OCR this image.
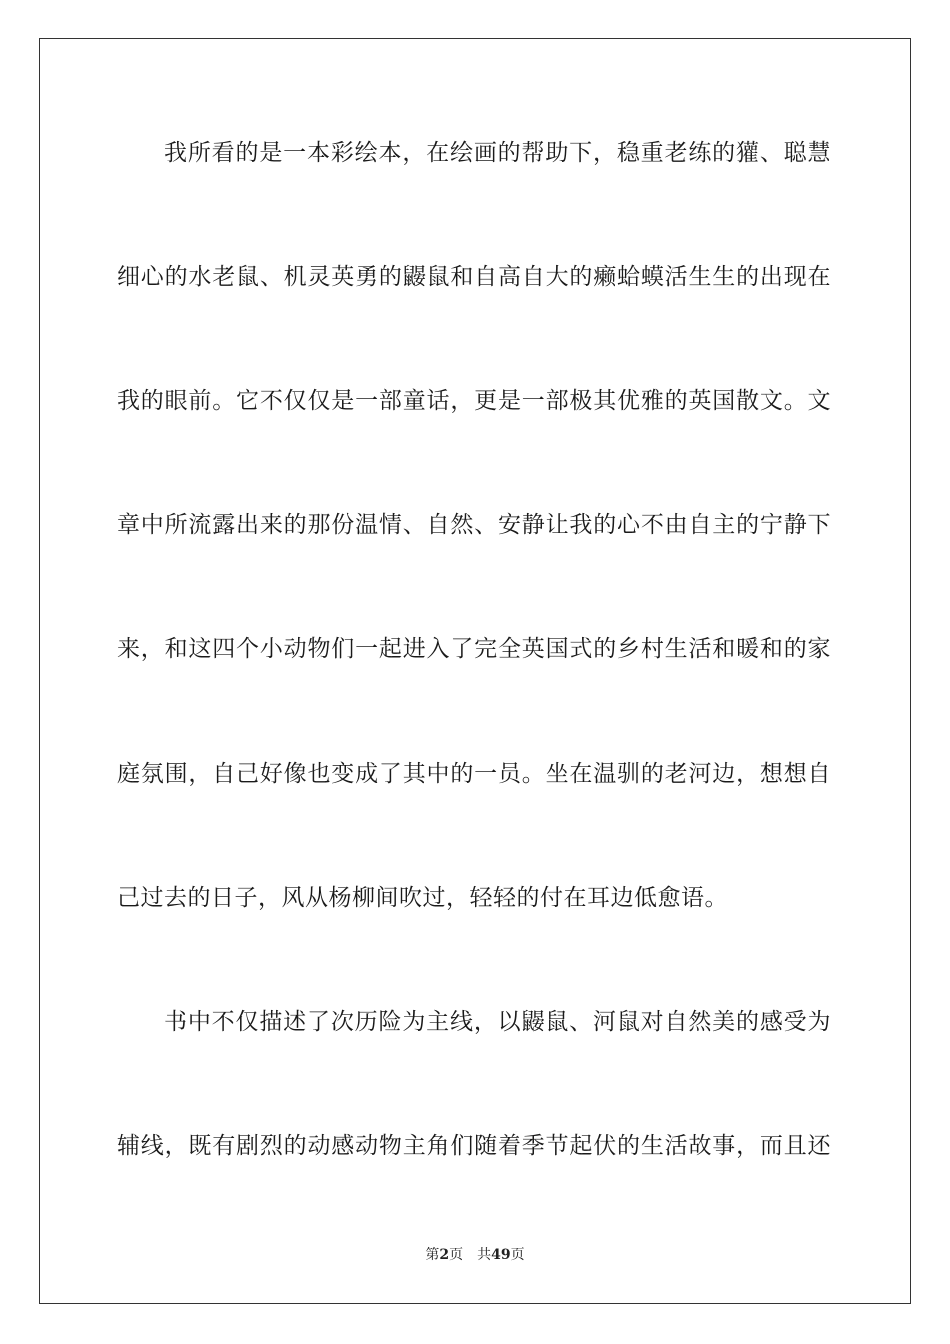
我所看的是一本彩绘本，在绘画的帮助下，稳重老练的獾、聪慧
细心的水老鼠、机灵英勇的鼹鼠和自高自大的癞蛤蟆活生生的出现在
我的眼前。它不仅仅是一部童话，更是一部极其优雅的英国散文。文
章中所流露出来的那份温情、自然、安静让我的心不由自主的宁静下
来，和这四个小动物们一起进入了完全英国式的乡村生活和暖和的家
庭氛围，自己好像也变成了其中的一员。坐在温驯的老河边，想想自
己过去的日子，风从杨柳间吹过，轻轻的付在耳边低愈语。
书中不仅描述了次历险为主线，以鼹鼠、河鼠对自然美的感受为
辅线，既有剧烈的动感动物主角们随着季节起伏的生活故事，而且还
第2页 共49页
